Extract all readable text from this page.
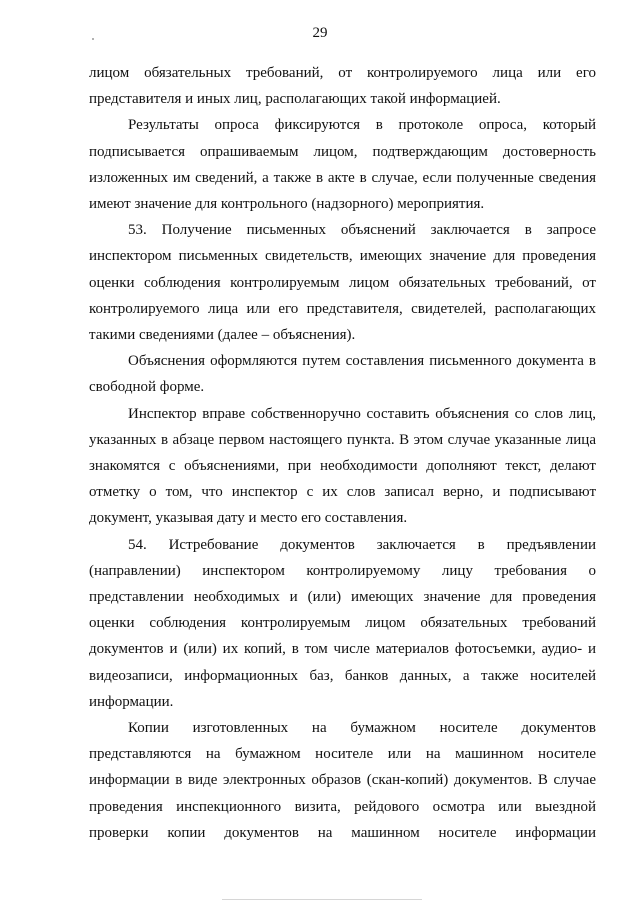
29

лицом обязательных требований, от контролируемого лица или его представителя и иных лиц, располагающих такой информацией.

Результаты опроса фиксируются в протоколе опроса, который подписывается опрашиваемым лицом, подтверждающим достоверность изложенных им сведений, а также в акте в случае, если полученные сведения имеют значение для контрольного (надзорного) мероприятия.

53. Получение письменных объяснений заключается в запросе инспектором письменных свидетельств, имеющих значение для проведения оценки соблюдения контролируемым лицом обязательных требований, от контролируемого лица или его представителя, свидетелей, располагающих такими сведениями (далее – объяснения).

Объяснения оформляются путем составления письменного документа в свободной форме.

Инспектор вправе собственноручно составить объяснения со слов лиц, указанных в абзаце первом настоящего пункта. В этом случае указанные лица знакомятся с объяснениями, при необходимости дополняют текст, делают отметку о том, что инспектор с их слов записал верно, и подписывают документ, указывая дату и место его составления.

54. Истребование документов заключается в предъявлении (направлении) инспектором контролируемому лицу требования о представлении необходимых и (или) имеющих значение для проведения оценки соблюдения контролируемым лицом обязательных требований документов и (или) их копий, в том числе материалов фотосъемки, аудио- и видеозаписи, информационных баз, банков данных, а также носителей информации.

Копии изготовленных на бумажном носителе документов представляются на бумажном носителе или на машинном носителе информации в виде электронных образов (скан-копий) документов. В случае проведения инспекционного визита, рейдового осмотра или выездной проверки копии документов на машинном носителе информации
